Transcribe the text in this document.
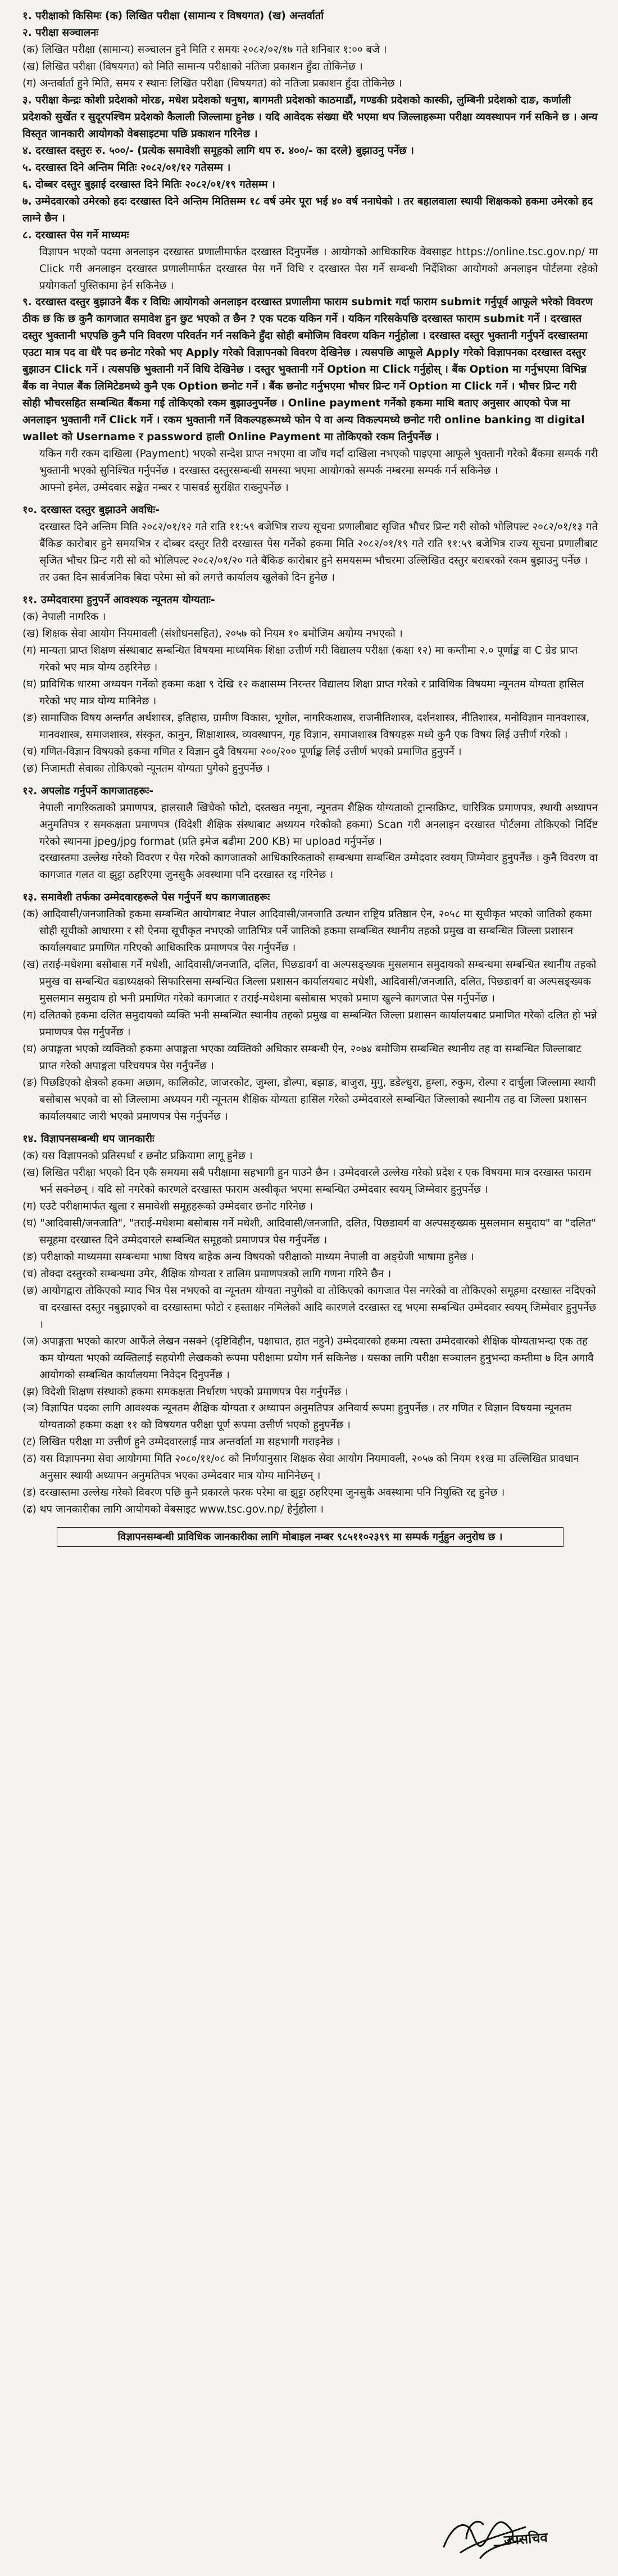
१. परीक्षाको किसिमः (क) लिखित परीक्षा (सामान्य र विषयगत) (ख) अन्तर्वार्ता

२. परीक्षा सञ्चालनः

(क) लिखित परीक्षा (सामान्य) सञ्चालन हुने मिति र समयः २०८२/०२/१७ गते शनिबार १:०० बजे ।

(ख) लिखित परीक्षा (विषयगत) को मिति सामान्य परीक्षाको नतिजा प्रकाशन हुँदा तोकिनेछ ।

(ग) अन्तर्वार्ता हुने मिति, समय र स्थानः लिखित परीक्षा (विषयगत) को नतिजा प्रकाशन हुँदा तोकिनेछ ।

३. परीक्षा केन्द्रः कोशी प्रदेशको मोरङ, मधेश प्रदेशको धनुषा, बागमती प्रदेशको काठमाडौं, गण्डकी प्रदेशको कास्की, लुम्बिनी प्रदेशको दाङ, कर्णाली प्रदेशको सुर्खेत र सुदूरपश्चिम प्रदेशको कैलाली जिल्लामा हुनेछ । यदि आवेदक संख्या धेरै भएमा थप जिल्लाहरूमा परीक्षा व्यवस्थापन गर्न सकिने छ । अन्य विस्तृत जानकारी आयोगको वेबसाइटमा पछि प्रकाशन गरिनेछ ।

४. दरखास्त दस्तुरः रु. ५००/- (प्रत्येक समावेशी समूहको लागि थप रु. ४००/- का दरले) बुझाउनु पर्नेछ ।

५. दरखास्त दिने अन्तिम मितिः २०८२/०१/१२ गतेसम्म ।

६. दोब्बर दस्तुर बुझाई दरखास्त दिने मितिः २०८२/०१/१९ गतेसम्म ।

७. उम्मेदवारको उमेरको हदः दरखास्त दिने अन्तिम मितिसम्म १८ वर्ष उमेर पूरा भई ४० वर्ष ननाघेको । तर बहालवाला स्थायी शिक्षकको हकमा उमेरको हद लाग्ने छैन ।

८. दरखास्त पेस गर्ने माध्यमः

विज्ञापन भएको पदमा अनलाइन दरखास्त प्रणालीमार्फत दरखास्त दिनुपर्नेछ । आयोगको आधिकारिक वेबसाइट https://online.tsc.gov.np/ मा Click गरी अनलाइन दरखास्त प्रणालीमार्फत दरखास्त पेस गर्ने विधि र दरखास्त पेस गर्ने सम्बन्धी निर्देशिका आयोगको अनलाइन पोर्टलमा रहेको प्रयोगकर्ता पुस्तिकामा हेर्न सकिनेछ ।

९. दरखास्त दस्तुर बुझाउने बैंक र विधिः आयोगको अनलाइन दरखास्त प्रणालीमा फाराम submit गर्दा फाराम submit गर्नुपूर्व आफूले भरेको विवरण ठीक छ कि छ कुनै कागजात समावेश हुन छुट भएको त छैन ? एक पटक यकिन गर्ने । यकिन गरिसकेपछि दरखास्त फाराम submit गर्ने । दरखास्त दस्तुर भुक्तानी भएपछि कुनै पनि विवरण परिवर्तन गर्न नसकिने हुँदा सोही बमोजिम विवरण यकिन गर्नुहोला । दरखास्त दस्तुर भुक्तानी गर्नुपर्ने दरखास्तमा एउटा मात्र पद वा धेरै पद छनोट गरेको भए Apply गरेको विज्ञापनको विवरण देखिनेछ । त्यसपछि आफूले Apply गरेको विज्ञापनका दरखास्त दस्तुर बुझाउन Click गर्ने । त्यसपछि भुक्तानी गर्ने विधि देखिनेछ । दस्तुर भुक्तानी गर्ने Option मा Click गर्नुहोस् । बैंक Option मा गर्नुभएमा विभिन्न बैंक वा नेपाल बैंक लिमिटेडमध्ये कुनै एक Option छनोट गर्ने । बैंक छनोट गर्नुभएमा भौचर प्रिन्ट गर्ने Option मा Click गर्ने । भौचर प्रिन्ट गरी सोही भौचरसहित सम्बन्धित बैंकमा गई तोकिएको रकम बुझाउनुपर्नेछ । Online payment गर्नेको हकमा माथि बताए अनुसार आएको पेज मा अनलाइन भुक्तानी गर्ने Click गर्ने । रकम भुक्तानी गर्ने विकल्पहरूमध्ये फोन पे वा अन्य विकल्पमध्ये छनोट गरी online banking वा digital wallet को Username र password हाली Online Payment मा तोकिएको रकम तिर्नुपर्नेछ ।

यकिन गरी रकम दाखिला (Payment) भएको सन्देश प्राप्त नभएमा वा जाँच गर्दा दाखिला नभएको पाइएमा आफूले भुक्तानी गरेको बैंकमा सम्पर्क गरी भुक्तानी भएको सुनिश्चित गर्नुपर्नेछ । दरखास्त दस्तुरसम्बन्धी समस्या भएमा आयोगको सम्पर्क नम्बरमा सम्पर्क गर्न सकिनेछ ।

आफ्नो इमेल, उम्मेदवार सङ्केत नम्बर र पासवर्ड सुरक्षित राख्नुपर्नेछ ।

१०. दरखास्त दस्तुर बुझाउने अवधिः-

दरखास्त दिने अन्तिम मिति २०८२/०१/१२ गते राति ११:५९ बजेभित्र राज्य सूचना प्रणालीबाट सृजित भौचर प्रिन्ट गरी सोको भोलिपल्ट २०८२/०१/१३ गते बैंकिङ कारोबार हुने समयभित्र र दोब्बर दस्तुर तिरी दरखास्त पेस गर्नेको हकमा मिति २०८२/०१/१९ गते राति ११:५९ बजेभित्र राज्य सूचना प्रणालीबाट सृजित भौचर प्रिन्ट गरी सो को भोलिपल्ट २०८२/०१/२० गते बैंकिङ कारोबार हुने समयसम्म भौचरमा उल्लिखित दस्तुर बराबरको रकम बुझाउनु पर्नेछ ।

तर उक्त दिन सार्वजनिक बिदा परेमा सो को लगत्तै कार्यालय खुलेको दिन हुनेछ ।

११. उम्मेदवारमा हुनुपर्ने आवश्यक न्यूनतम योग्यताः-

(क) नेपाली नागरिक ।

(ख) शिक्षक सेवा आयोग नियमावली (संशोधनसहित), २०५७ को नियम १० बमोजिम अयोग्य नभएको ।

(ग) मान्यता प्राप्त शिक्षण संस्थाबाट सम्बन्धित विषयमा माध्यमिक शिक्षा उत्तीर्ण गरी विद्यालय परीक्षा (कक्षा १२) मा कम्तीमा २.० पूर्णाङ्क वा C ग्रेड प्राप्त गरेको भए मात्र योग्य ठहरिनेछ ।

(घ) प्राविधिक धारमा अध्ययन गर्नेको हकमा कक्षा ९ देखि १२ कक्षासम्म निरन्तर विद्यालय शिक्षा प्राप्त गरेको र प्राविधिक विषयमा न्यूनतम योग्यता हासिल गरेको भए मात्र योग्य मानिनेछ ।

(ङ) सामाजिक विषय अन्तर्गत अर्थशास्त्र, इतिहास, ग्रामीण विकास, भूगोल, नागरिकशास्त्र, राजनीतिशास्त्र, दर्शनशास्त्र, नीतिशास्त्र, मनोविज्ञान मानवशास्त्र, मानवशास्त्र, समाजशास्त्र, संस्कृत, कानुन, शिक्षाशास्त्र, व्यवस्थापन, गृह विज्ञान, समाजशास्त्र विषयहरू मध्ये कुनै एक विषय लिई उत्तीर्ण गरेको ।

(च) गणित-विज्ञान विषयको हकमा गणित र विज्ञान दुवै विषयमा २००/२०० पूर्णाङ्क लिई उत्तीर्ण भएको प्रमाणित हुनुपर्ने ।

(छ) निजामती सेवाका तोकिएको न्यूनतम योग्यता पुगेको हुनुपर्नेछ ।

१२. अपलोड गर्नुपर्ने कागजातहरूः-

नेपाली नागरिकताको प्रमाणपत्र, हालसालै खिचेको फोटो, दस्तखत नमूना, न्यूनतम शैक्षिक योग्यताको ट्रान्सक्रिप्ट, चारित्रिक प्रमाणपत्र, स्थायी अध्यापन अनुमतिपत्र र समकक्षता प्रमाणपत्र (विदेशी शैक्षिक संस्थाबाट अध्ययन गरेकोको हकमा) Scan गरी अनलाइन दरखास्त पोर्टलमा तोकिएको निर्दिष्ट गरेको स्थानमा jpeg/jpg format (प्रति इमेज बढीमा 200 KB) मा upload गर्नुपर्नेछ ।

दरखास्तमा उल्लेख गरेको विवरण र पेस गरेको कागजातको आधिकारिकताको सम्बन्धमा सम्बन्धित उम्मेदवार स्वयम् जिम्मेवार हुनुपर्नेछ । कुनै विवरण वा कागजात गलत वा झुट्टा ठहरिएमा जुनसुकै अवस्थामा पनि दरखास्त रद्द गरिनेछ ।

१३. समावेशी तर्फका उम्मेदवारहरूले पेस गर्नुपर्ने थप कागजातहरूः

(क) आदिवासी/जनजातिको हकमा सम्बन्धित आयोगबाट नेपाल आदिवासी/जनजाति उत्थान राष्ट्रिय प्रतिष्ठान ऐन, २०५८ मा सूचीकृत भएको जातिको हकमा सोही सूचीको आधारमा र सो ऐनमा सूचीकृत नभएको जातिभित्र पर्ने जातिको हकमा सम्बन्धित स्थानीय तहको प्रमुख वा सम्बन्धित जिल्ला प्रशासन कार्यालयबाट प्रमाणित गरिएको आधिकारिक प्रमाणपत्र पेस गर्नुपर्नेछ ।

(ख) तराई-मधेशमा बसोबास गर्ने मधेशी, आदिवासी/जनजाति, दलित, पिछडावर्ग वा अल्पसङ्ख्यक मुसलमान समुदायको सम्बन्धमा सम्बन्धित स्थानीय तहको प्रमुख वा सम्बन्धित वडाध्यक्षको सिफारिसमा सम्बन्धित जिल्ला प्रशासन कार्यालयबाट मधेशी, आदिवासी/जनजाति, दलित, पिछडावर्ग वा अल्पसङ्ख्यक मुसलमान समुदाय हो भनी प्रमाणित गरेको कागजात र तराई-मधेशमा बसोबास भएको प्रमाण खुल्ने कागजात पेस गर्नुपर्नेछ ।

(ग) दलितको हकमा दलित समुदायको व्यक्ति भनी सम्बन्धित स्थानीय तहको प्रमुख वा सम्बन्धित जिल्ला प्रशासन कार्यालयबाट प्रमाणित गरेको दलित हो भन्ने प्रमाणपत्र पेस गर्नुपर्नेछ ।

(घ) अपाङ्गता भएको व्यक्तिको हकमा अपाङ्गता भएका व्यक्तिको अधिकार सम्बन्धी ऐन, २०७४ बमोजिम सम्बन्धित स्थानीय तह वा सम्बन्धित जिल्लाबाट प्राप्त गरेको अपाङ्गता परिचयपत्र पेस गर्नुपर्नेछ ।

(ङ) पिछडिएको क्षेत्रको हकमा अछाम, कालिकोट, जाजरकोट, जुम्ला, डोल्पा, बझाङ, बाजुरा, मुगु, डडेल्धुरा, हुम्ला, रुकुम, रोल्पा र दार्चुला जिल्लामा स्थायी बसोबास भएको वा सो जिल्लामा अध्ययन गरी न्यूनतम शैक्षिक योग्यता हासिल गरेको उम्मेदवारले सम्बन्धित जिल्लाको स्थानीय तह वा जिल्ला प्रशासन कार्यालयबाट जारी भएको प्रमाणपत्र पेस गर्नुपर्नेछ ।

१४. विज्ञापनसम्बन्धी थप जानकारीः

(क) यस विज्ञापनको प्रतिस्पर्धा र छनोट प्रक्रियामा लागू हुनेछ ।

(ख) लिखित परीक्षा भएको दिन एकै समयमा सबै परीक्षामा सहभागी हुन पाउने छैन । उम्मेदवारले उल्लेख गरेको प्रदेश र एक विषयमा मात्र दरखास्त फाराम भर्न सक्नेछन् । यदि सो नगरेको कारणले दरखास्त फाराम अस्वीकृत भएमा सम्बन्धित उम्मेदवार स्वयम् जिम्मेवार हुनुपर्नेछ ।

(ग) एउटै परीक्षामार्फत खुला र समावेशी समूहहरूको उम्मेदवार छनोट गरिनेछ ।

(घ) "आदिवासी/जनजाति", "तराई-मधेशमा बसोबास गर्ने मधेशी, आदिवासी/जनजाति, दलित, पिछडावर्ग वा अल्पसङ्ख्यक मुसलमान समुदाय" वा "दलित" समूहमा दरखास्त दिने उम्मेदवारले सम्बन्धित समूहको प्रमाणपत्र पेस गर्नुपर्नेछ ।

(ङ) परीक्षाको माध्यममा सम्बन्धमा भाषा विषय बाहेक अन्य विषयको परीक्षाको माध्यम नेपाली वा अङ्ग्रेजी भाषामा हुनेछ ।

(च) तोक्दा दस्तुरको सम्बन्धमा उमेर, शैक्षिक योग्यता र तालिम प्रमाणपत्रको लागि गणना गरिने छैन ।

(छ) आयोगद्वारा तोकिएको म्याद भित्र पेस नभएको वा न्यूनतम योग्यता नपुगेको वा तोकिएको कागजात पेस नगरेको वा तोकिएको समूहमा दरखास्त नदिएको वा दरखास्त दस्तुर नबुझाएको वा दरखास्तमा फोटो र हस्ताक्षर नमिलेको आदि कारणले दरखास्त रद्द भएमा सम्बन्धित उम्मेदवार स्वयम् जिम्मेवार हुनुपर्नेछ ।

(ज) अपाङ्गता भएको कारण आफैंले लेखन नसक्ने (दृष्टिविहीन, पक्षाघात, हात नहुने) उम्मेदवारको हकमा त्यस्ता उम्मेदवारको शैक्षिक योग्यताभन्दा एक तह कम योग्यता भएको व्यक्तिलाई सहयोगी लेखकको रूपमा परीक्षामा प्रयोग गर्न सकिनेछ । यसका लागि परीक्षा सञ्चालन हुनुभन्दा कम्तीमा ७ दिन अगावै आयोगको सम्बन्धित कार्यालयमा निवेदन दिनुपर्नेछ ।

(झ) विदेशी शिक्षण संस्थाको हकमा समकक्षता निर्धारण भएको प्रमाणपत्र पेस गर्नुपर्नेछ ।

(ञ) विज्ञापित पदका लागि आवश्यक न्यूनतम शैक्षिक योग्यता र अध्यापन अनुमतिपत्र अनिवार्य रूपमा हुनुपर्नेछ । तर गणित र विज्ञान विषयमा न्यूनतम योग्यताको हकमा कक्षा ११ को विषयगत परीक्षा पूर्ण रूपमा उत्तीर्ण भएको हुनुपर्नेछ ।

(ट) लिखित परीक्षा मा उत्तीर्ण हुने उम्मेदवारलाई मात्र अन्तर्वार्ता मा सहभागी गराइनेछ ।

(ठ) यस विज्ञापनमा सेवा आयोगमा मिति २०८०/११/०८ को निर्णयानुसार शिक्षक सेवा आयोग नियमावली, २०५७ को नियम ११ख मा उल्लिखित प्रावधान अनुसार स्थायी अध्यापन अनुमतिपत्र भएका उम्मेदवार मात्र योग्य मानिनेछन् ।

(ड) दरखास्तमा उल्लेख गरेको विवरण पछि कुनै प्रकारले फरक परेमा वा झुट्टा ठहरिएमा जुनसुकै अवस्थामा पनि नियुक्ति रद्द हुनेछ ।

(ढ) थप जानकारीका लागि आयोगको वेबसाइट www.tsc.gov.np/ हेर्नुहोला ।

विज्ञापनसम्बन्धी प्राविधिक जानकारीका लागि मोबाइल नम्बर ९८५११०२३९९ मा सम्पर्क गर्नुहुन अनुरोध छ ।
उपसचिव
